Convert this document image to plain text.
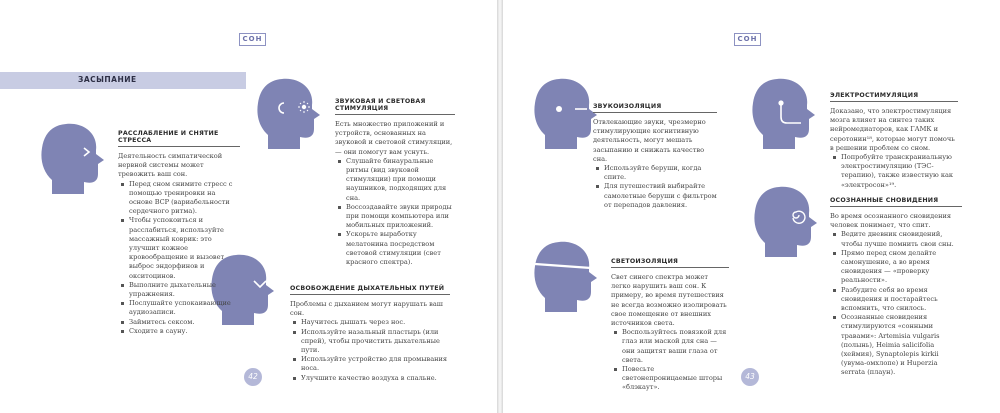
СОН
ЗАСЫПАНИЕ
РАССЛАБЛЕНИЕ И СНЯТИЕ СТРЕССА
Деятельность симпатической нервной системы может тревожить ваш сон.
Перед сном снимите стресс с помощью тренировки на основе ВСР (вариабельности сердечного ритма).
Чтобы успокоиться и расслабиться, используйте массажный коврик: это улучшит кожное кровообращение и вызовет выброс эндорфинов и окситоцинов.
Выполните дыхательные упражнения.
Послушайте успокаивающие аудиозаписи.
Займитесь сексом.
Сходите в сауну.
ЗВУКОВАЯ И СВЕТОВАЯ СТИМУЛЯЦИЯ
Есть множество приложений и устройств, основанных на звуковой и световой стимуляции, — они помогут вам уснуть.
Слушайте бинауральные ритмы (вид звуковой стимуляции) при помощи наушников, подходящих для сна.
Воссоздавайте звуки природы при помощи компьютера или мобильных приложений.
Ускорьте выработку мелатонина посредством световой стимуляции (свет красного спектра).
ОСВОБОЖДЕНИЕ ДЫХАТЕЛЬНЫХ ПУТЕЙ
Проблемы с дыханием могут нарушать ваш сон.
Научитесь дышать через нос.
Используйте назальный пластырь (или спрей), чтобы прочистить дыхательные пути.
Используйте устройство для промывания носа.
Улучшите качество воздуха в спальне.
42
СОН
ЗВУКОИЗОЛЯЦИЯ
Отвлекающие звуки, чрезмерно стимулирующие когнитивную деятельность, могут мешать засыпанию и снижать качество сна.
Используйте беруши, когда спите.
Для путешествий выбирайте самолетные беруши с фильтром от перепадов давления.
ЭЛЕКТРОСТИМУЛЯЦИЯ
Доказано, что электростимуляция мозга влияет на синтез таких нейромедиаторов, как ГАМК и серотонин¹⁸, которые могут помочь в решении проблем со сном.
Попробуйте транскраниальную электростимуляцию (ТЭС-терапию), также известную как «электросон»¹⁹.
СВЕТОИЗОЛЯЦИЯ
Свет синего спектра может легко нарушить ваш сон. К примеру, во время путешествия не всегда возможно изолировать свое помещение от внешних источников света.
Воспользуйтесь повязкой для глаз или маской для сна — они защитят ваши глаза от света.
Повесьте светонепроницаемые шторы «блэкаут».
ОСОЗНАННЫЕ СНОВИДЕНИЯ
Во время осознанного сновидения человек понимает, что спит.
Ведите дневник сновидений, чтобы лучше помнить свои сны.
Прямо перед сном делайте самонушение, а во время сновидения — «проверку реальности».
Разбудите себя во время сновидения и постарайтесь вспомнить, что снилось.
Осознанные сновидения стимулируются «сонными травами»: Artemisia vulgaris (полынь), Heimia salicifolia (хеймия), Synaptolepis kirkii (увума-омхлопе) и Huperzia serrata (плаун).
43
